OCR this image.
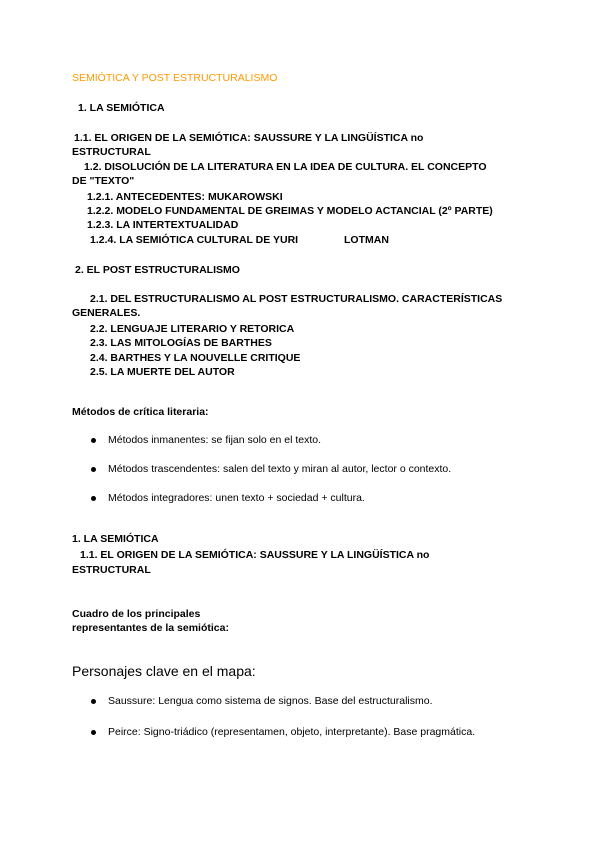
SEMIÓTICA Y POST ESTRUCTURALISMO
1. LA SEMIÓTICA
1.1. EL ORIGEN DE LA SEMIÓTICA: SAUSSURE Y LA LINGÜÍSTICA no
ESTRUCTURAL
1.2. DISOLUCIÓN DE LA LITERATURA EN LA IDEA DE CULTURA. EL CONCEPTO
DE "TEXTO"
1.2.1. ANTECEDENTES: MUKAROWSKI
1.2.2. MODELO FUNDAMENTAL DE GREIMAS Y MODELO ACTANCIAL (2º PARTE)
1.2.3. LA INTERTEXTUALIDAD
1.2.4. LA SEMIÓTICA CULTURAL DE YURI	LOTMAN
2. EL POST ESTRUCTURALISMO
2.1. DEL ESTRUCTURALISMO AL POST ESTRUCTURALISMO. CARACTERÍSTICAS
GENERALES.
2.2. LENGUAJE LITERARIO Y RETORICA
2.3. LAS MITOLOGÍAS DE BARTHES
2.4. BARTHES Y LA NOUVELLE CRITIQUE
2.5. LA MUERTE DEL AUTOR
Métodos de crítica literaria:
Métodos inmanentes: se fijan solo en el texto.
Métodos trascendentes: salen del texto y miran al autor, lector o contexto.
Métodos integradores: unen texto + sociedad + cultura.
1. LA SEMIÓTICA
1.1. EL ORIGEN DE LA SEMIÓTICA: SAUSSURE Y LA LINGÜÍSTICA no
ESTRUCTURAL
Cuadro de los principales
representantes de la semiótica:
Personajes clave en el mapa:
Saussure: Lengua como sistema de signos. Base del estructuralismo.
Peirce: Signo-triádico (representamen, objeto, interpretante). Base pragmática.
